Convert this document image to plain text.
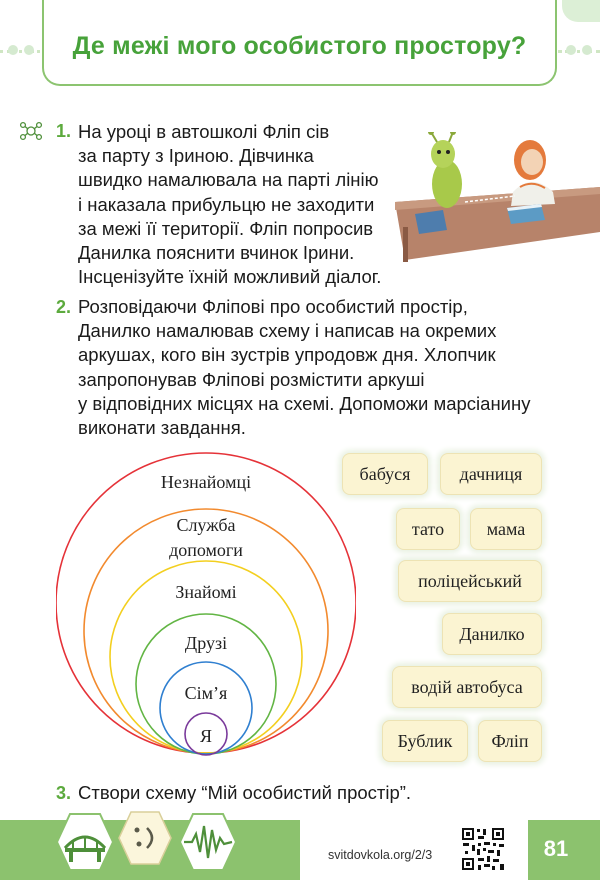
Де межі мого особистого простору?
1. На уроці в автошколі Фліп сів
за парту з Іриною. Дівчинка
швидко намалювала на парті лінію
і наказала прибульцю не заходити
за межі її території. Фліп попросив
Данилка пояснити вчинок Ірини.
Інсценізуйте їхній можливий діалог.
2. Розповідаючи Фліпові про особистий простір,
Данилко намалював схему і написав на окремих
аркушах, кого він зустрів упродовж дня. Хлопчик
запропонував Фліпові розмістити аркуші
у відповідних місцях на схемі. Допоможи марсіанину
виконати завдання.
Незнайомці
Служба
допомоги
Знайомі
Друзі
Сім’я
Я
бабуся	дачниця
тато	мама
поліцейський
Данилко
водій автобуса
Бублик	Фліп
3. Створи схему “Мій особистий простір”.
svitdovkola.org/2/3	81
